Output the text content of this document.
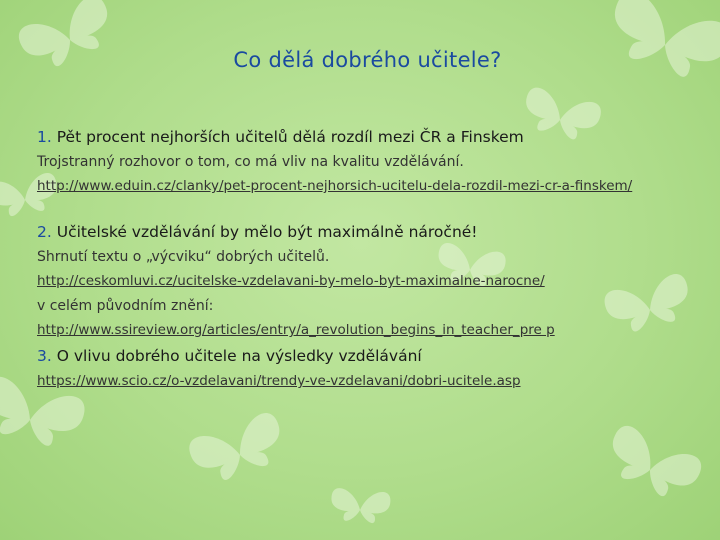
Co dělá dobrého učitele?

1. Pět procent nejhorších učitelů dělá rozdíl mezi ČR a Finskem

Trojstranný rozhovor o tom, co má vliv na kvalitu vzdělávání.

http://www.eduin.cz/clanky/pet-procent-nejhorsich-ucitelu-dela-rozdil-mezi-cr-a-finskem/

2. Učitelské vzdělávání by mělo být maximálně náročné!

Shrnutí textu o „výcviku“ dobrých učitelů.

http://ceskomluvi.cz/ucitelske-vzdelavani-by-melo-byt-maximalne-narocne/

v celém původním znění:

http://www.ssireview.org/articles/entry/a_revolution_begins_in_teacher_pre p

3. O vlivu dobrého učitele na výsledky vzdělávání

https://www.scio.cz/o-vzdelavani/trendy-ve-vzdelavani/dobri-ucitele.asp
